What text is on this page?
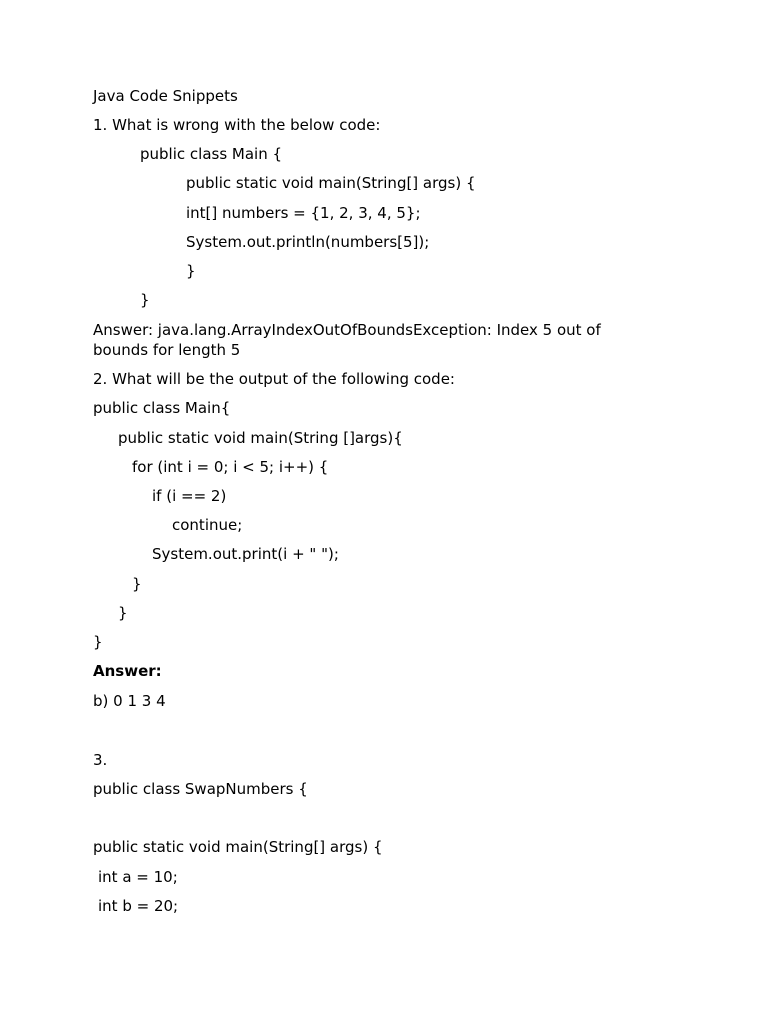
Java Code Snippets
1. What is wrong with the below code:
public class Main {
public static void main(String[] args) {
int[] numbers = {1, 2, 3, 4, 5};
System.out.println(numbers[5]);
}
}
Answer: java.lang.ArrayIndexOutOfBoundsException: Index 5 out of bounds for length 5
2. What will be the output of the following code:
public class Main{
public static void main(String []args){
for (int i = 0; i < 5; i++) {
if (i == 2)
continue;
System.out.print(i + " ");
}
}
}
Answer:
b) 0 1 3 4
3.
public class SwapNumbers {
public static void main(String[] args) {
int a = 10;
int b = 20;
